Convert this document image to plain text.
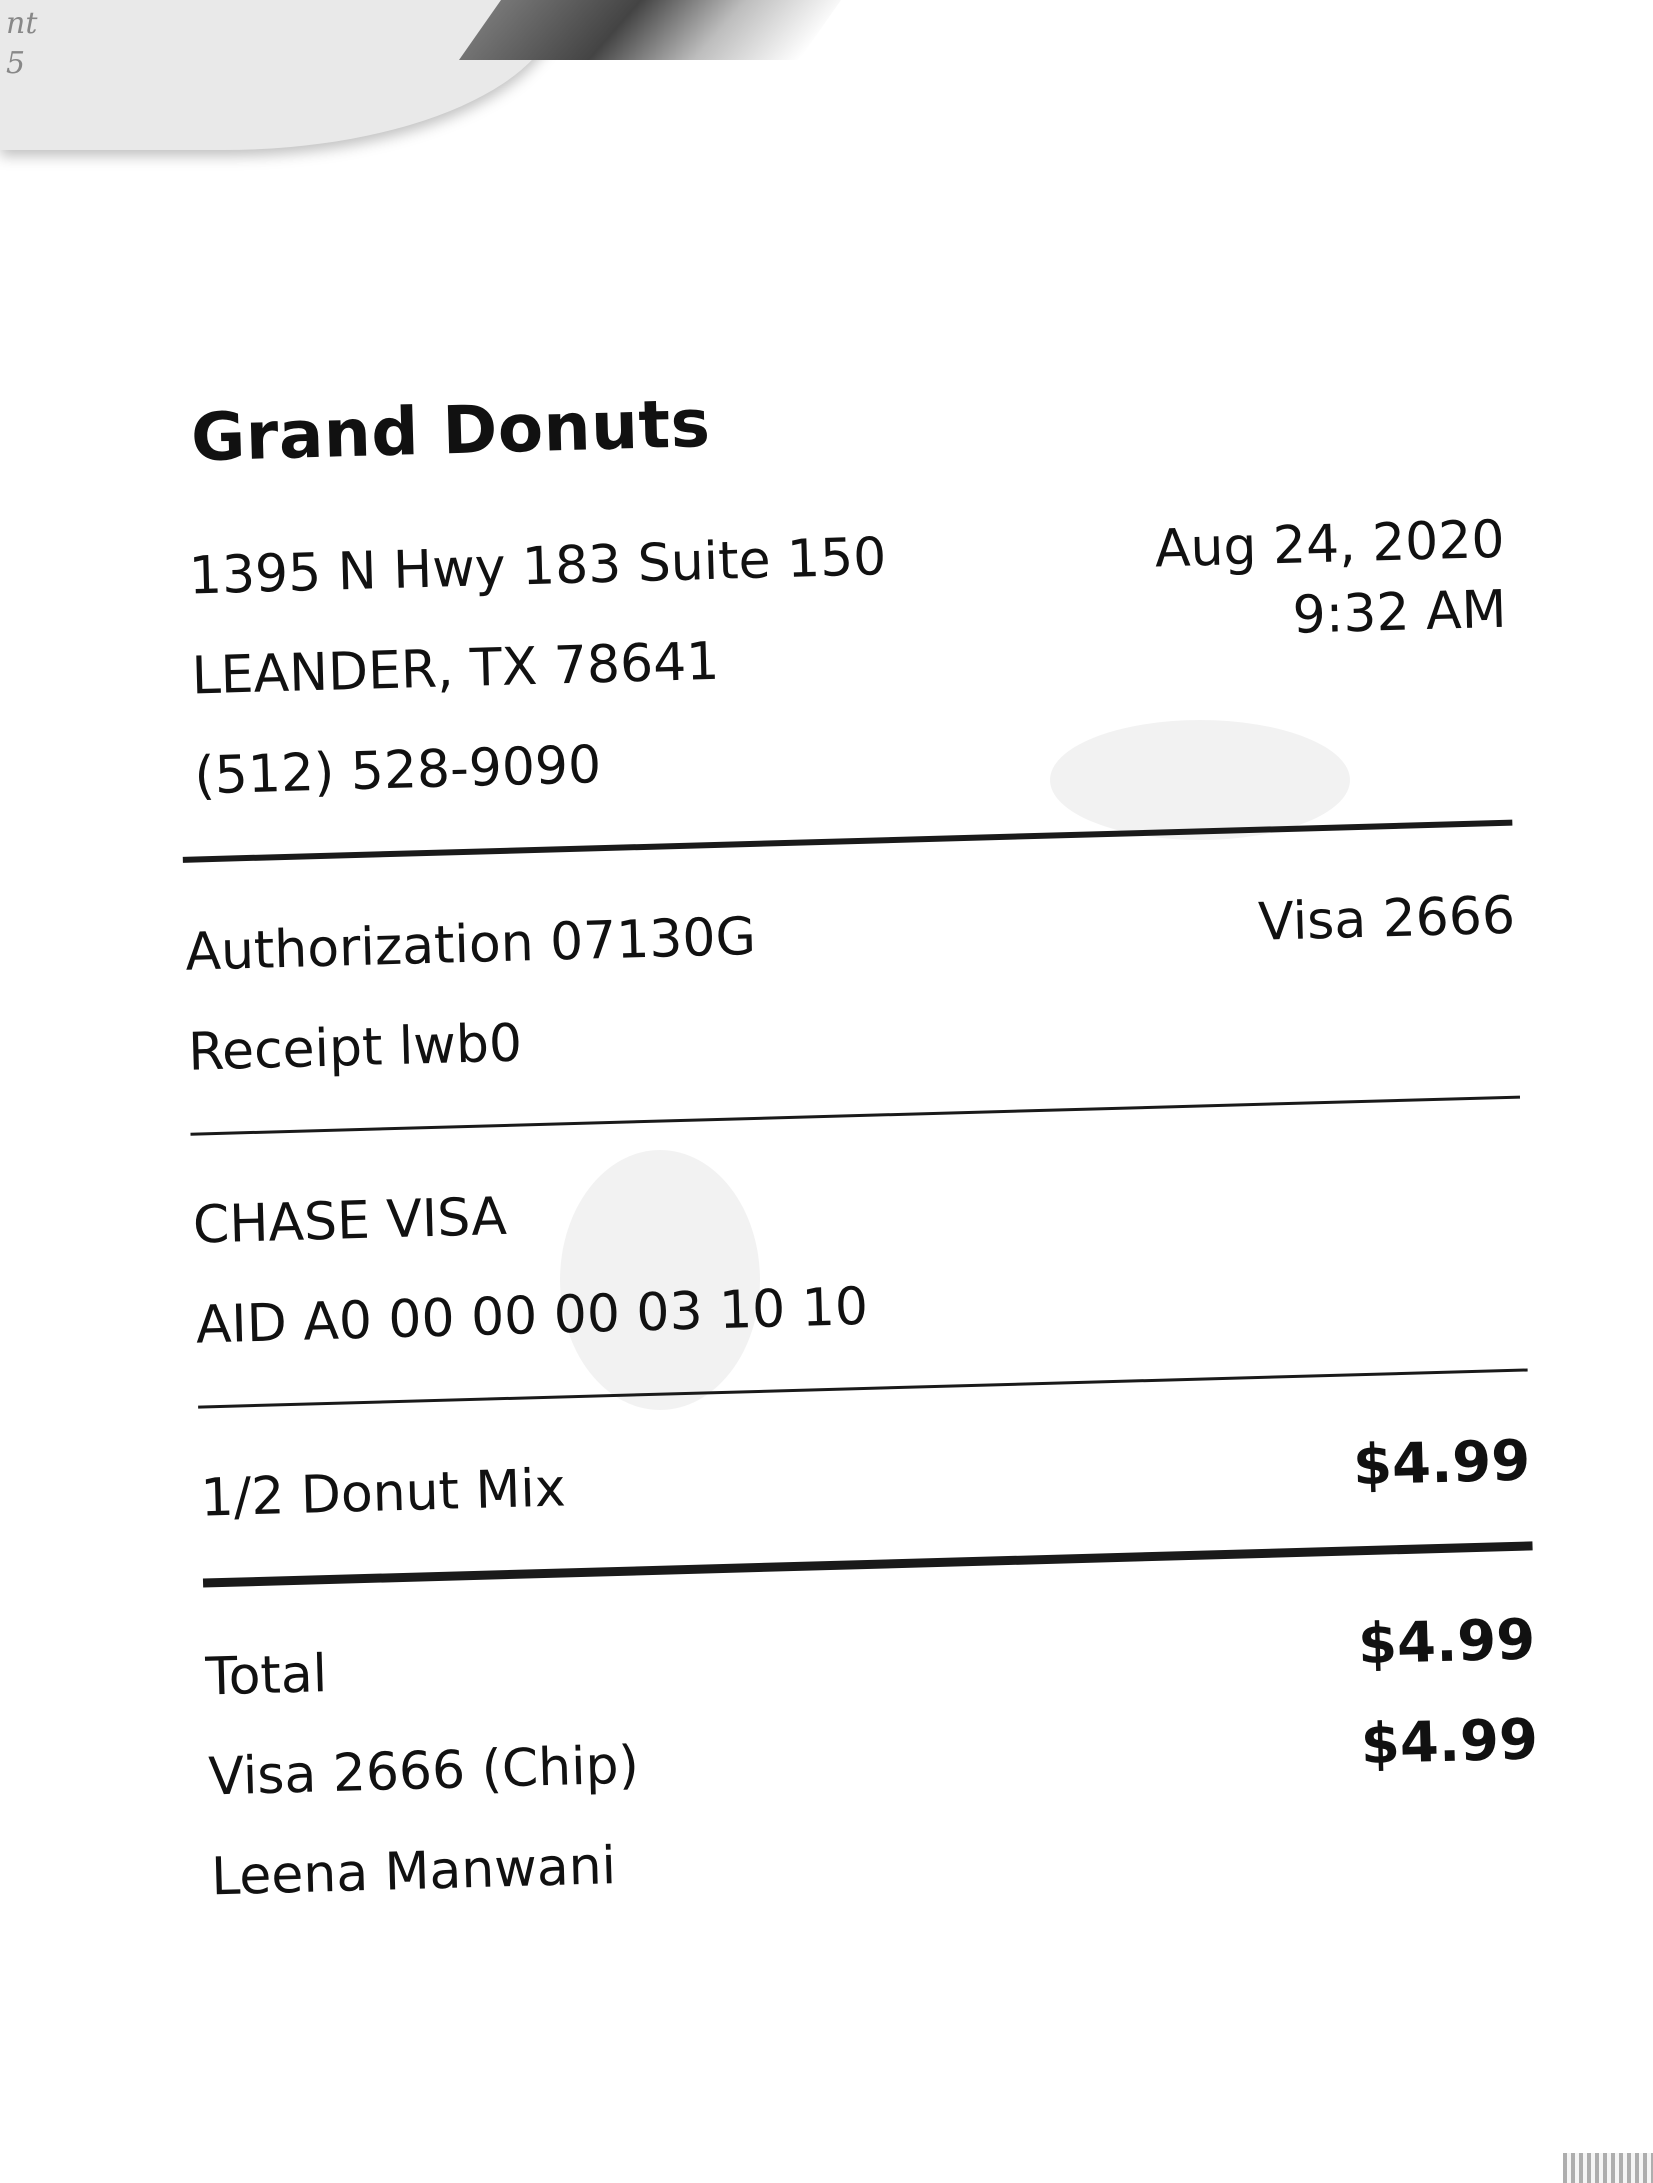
nt
5
Grand Donuts
1395 N Hwy 183 Suite 150
LEANDER, TX 78641
(512) 528-9090
Aug 24, 2020
9:32 AM
Authorization 07130G
Receipt lwb0
Visa 2666
CHASE VISA
AID A0 00 00 00 03 10 10
1/2 Donut Mix	$4.99
Total	$4.99
Visa 2666 (Chip)	$4.99
Leena Manwani
